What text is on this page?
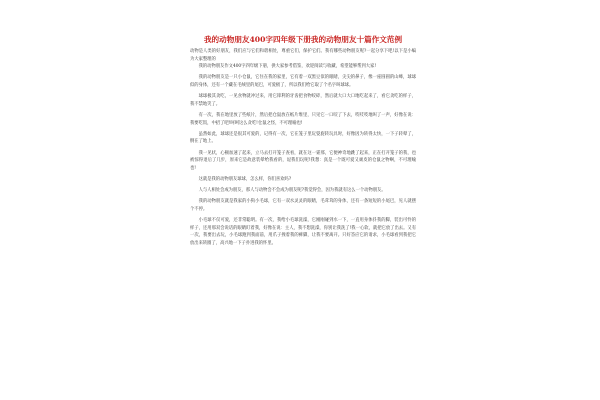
我的动物朋友400字四年级下册我的动物朋友十篇作文范例

动物是人类的好朋友，我们应与它们和谐相处，尊重它们，保护它们。我有哪些动物朋友呢?一起分享下吧!以下是小编为大家整理的

我的动物朋友作文400字四年级下册，供大家参考借鉴，欢迎阅读与收藏，希望能够帮到大家!

我的动物朋友是一只小仓鼠，它住在我的家里，它有着一双黑豆似的眼睛，尖尖的鼻子，像一座圆圆的山峰，球球似的身体，还有一个藏在毛绒里的尾巴，可爱极了，所以我们给它取了个名字叫球球。

球球极其贪吃，一见食物就冲过来，用它锋利的牙齿把食物咬碎，然后就大口大口地吃起来了，看它贪吃的样子，我不禁地笑了。

有一次，我在地里放了些纸片，然后把仓鼠放在纸片堆里，只见它一口咬了下去，吱吱吱地叫了一声，好像在说：我要吃饭，中招了吧!呵呵这么贪吃!仓鼠之怪，不可理喻也!

虽然如此，球球还是很其可爱的，记得有一次，它在笼子里玩耍旋转玩具时，好像因为转得太快，一下子转晕了，倒在了地上。

我一见状，心顿加速了起来，立马去打开笼子查看，就在这一霎那，它便神奇地跳了起来，正在打开笼子的我，也被惊得退后了几步，原来它是故意装晕给我看的，逗我们玩呢!我想：真是一个既可爱又顽皮的仓鼠之物啊，不可理喻也!

这就是我的动物朋友球球，怎么样，你们喜欢吗?

人与人相处会成为朋友，那人与动物会不会成为朋友呢?我觉得会，因为我就有这么一个动物朋友。

我的动物朋友就是我家的小狗小毛球，它有一双水灵灵的眼睛，毛茸茸的身体，还有一条短短的小尾巴，见人就摆个不停。

小毛球不仅可爱，还非常聪明。有一次，我给小毛球洗澡，它刚刚碰到水一下，一直用身体抖我的脚，装出可怜的样子，还用那双会说话的眼睛盯着我，好像在说：主人，我不想洗澡，你别让我洗了!我一心软，就把它放了出去。又有一次，我要出去玩，小毛球跑到我面前，用爪子拽着我的裤脚，让我不要离开。只好答应它的请求，小毛球看到我把它放出来转圈了，高兴地一下子扑进我的怀里。
